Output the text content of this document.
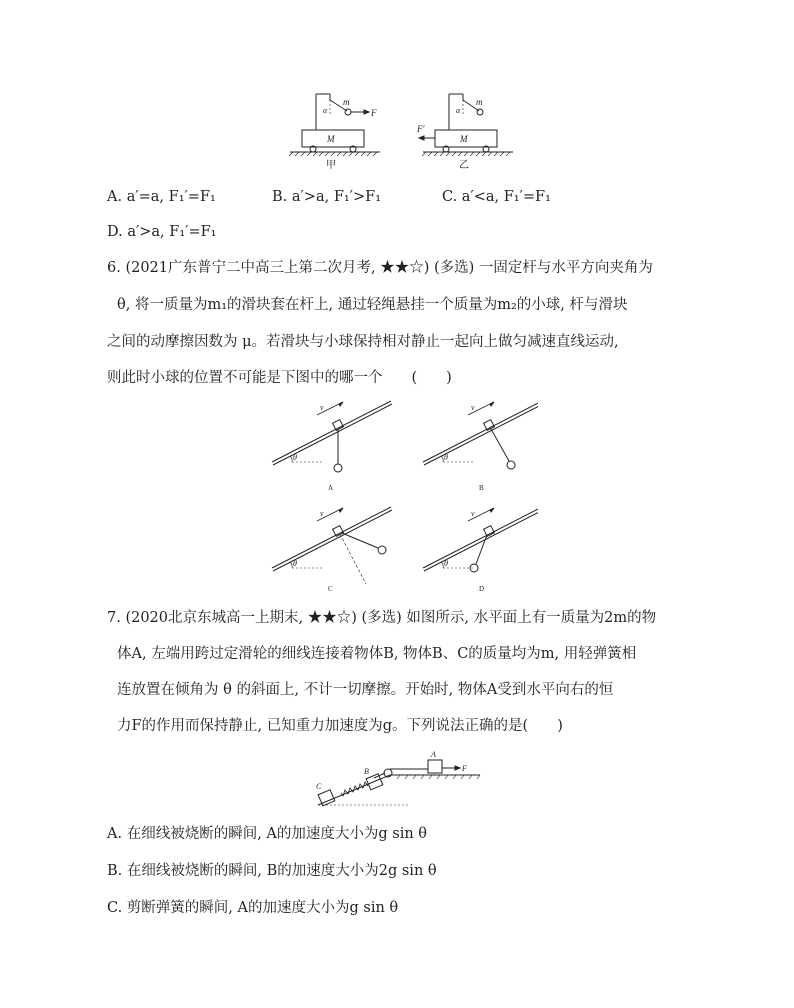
m
α	F
M
甲
m
α
F'
M
乙
A. a′=a, F₁′=F₁	B. a′>a, F₁′>F₁	C. a′<a, F₁′=F₁
D. a′>a, F₁′=F₁
6. (2021广东普宁二中高三上第二次月考, ★★☆) (多选) 一固定杆与水平方向夹角为
θ, 将一质量为m₁的滑块套在杆上, 通过轻绳悬挂一个质量为m₂的小球, 杆与滑块
之间的动摩擦因数为 μ。若滑块与小球保持相对静止一起向上做匀减速直线运动,
则此时小球的位置不可能是下图中的哪一个　　(　　)
v
θ
A
v
θ
B
v
θ
C
v
θ
D
7. (2020北京东城高一上期末, ★★☆) (多选) 如图所示, 水平面上有一质量为2m的物
体A, 左端用跨过定滑轮的细线连接着物体B, 物体B、C的质量均为m, 用轻弹簧相
连放置在倾角为 θ 的斜面上, 不计一切摩擦。开始时, 物体A受到水平向右的恒
力F的作用而保持静止, 已知重力加速度为g。下列说法正确的是(　　)
A
F
B
C
A. 在细线被烧断的瞬间, A的加速度大小为g sin θ
B. 在细线被烧断的瞬间, B的加速度大小为2g sin θ
C. 剪断弹簧的瞬间, A的加速度大小为g sin θ
